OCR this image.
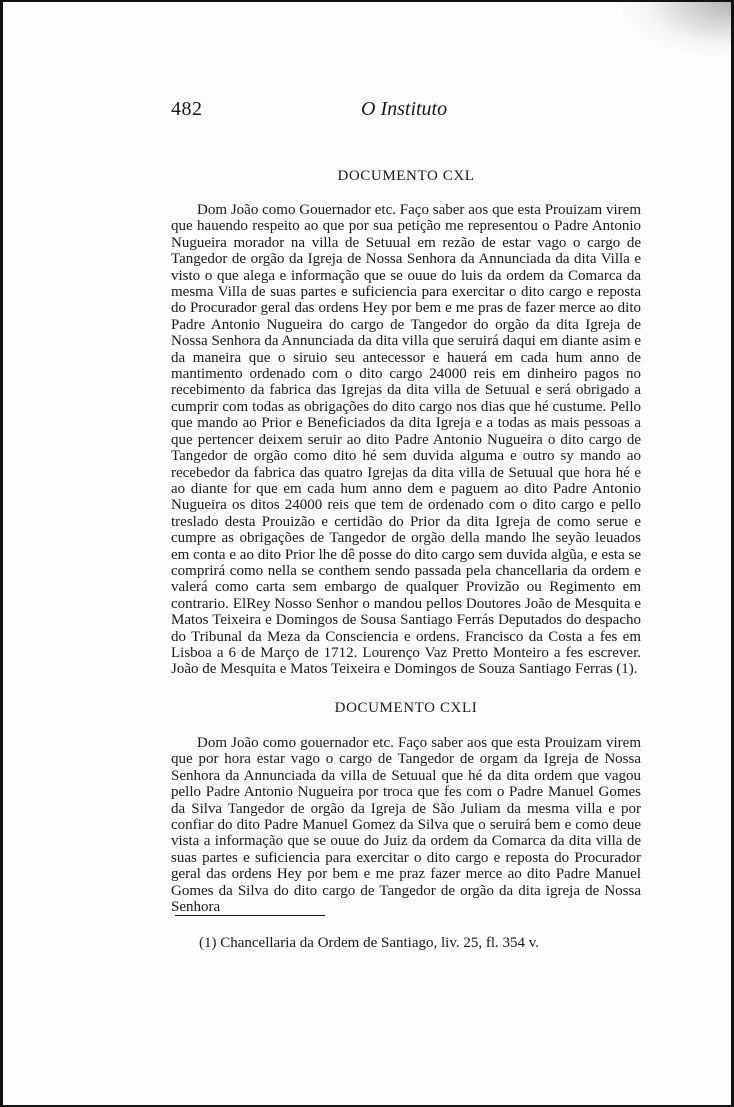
482	O Instituto
DOCUMENTO CXL

Dom João como Gouernador etc. Faço saber aos que esta Prouizam virem que hauendo respeito ao que por sua petição me representou o Padre Antonio Nugueira morador na villa de Setuual em rezão de estar vago o cargo de Tangedor de orgão da Igreja de Nossa Senhora da Annunciada da dita Villa e visto o que alega e informação que se ouue do luis da ordem da Comarca da mesma Villa de suas partes e suficiencia para exercitar o dito cargo e reposta do Procurador geral das ordens Hey por bem e me pras de fazer merce ao dito Padre Antonio Nugueira do cargo de Tangedor do orgão da dita Igreja de Nossa Senhora da Annunciada da dita villa que seruirá daqui em diante asim e da maneira que o siruio seu antecessor e hauerá em cada hum anno de mantimento ordenado com o dito cargo 24000 reis em dinheiro pagos no recebimento da fabrica das Igrejas da dita villa de Setuual e será obrigado a cumprir com todas as obrigações do dito cargo nos dias que hé custume. Pello que mando ao Prior e Beneficiados da dita Igreja e a todas as mais pessoas a que pertencer deixem seruir ao dito Padre Antonio Nugueira o dito cargo de Tangedor de orgão como dito hé sem duvida alguma e outro sy mando ao recebedor da fabrica das quatro Igrejas da dita villa de Setuual que hora hé e ao diante for que em cada hum anno dem e paguem ao dito Padre Antonio Nugueira os ditos 24000 reis que tem de ordenado com o dito cargo e pello treslado desta Prouizão e certidão do Prior da dita Igreja de como serue e cumpre as obrigações de Tangedor de orgão della mando lhe seyão leuados em conta e ao dito Prior lhe dê posse do dito cargo sem duvida algũa, e esta se comprirá como nella se conthem sendo passada pela chancellaria da ordem e valerá como carta sem embargo de qualquer Provizão ou Regimento em contrario. ElRey Nosso Senhor o mandou pellos Doutores João de Mesquita e Matos Teixeira e Domingos de Sousa Santiago Ferrás Deputados do despacho do Tribunal da Meza da Consciencia e ordens. Francisco da Costa a fes em Lisboa a 6 de Março de 1712. Lourenço Vaz Pretto Monteiro a fes escrever. João de Mesquita e Matos Teixeira e Domingos de Souza Santiago Ferras (1).

DOCUMENTO CXLI

Dom João como gouernador etc. Faço saber aos que esta Prouizam virem que por hora estar vago o cargo de Tangedor de orgam da Igreja de Nossa Senhora da Annunciada da villa de Setuual que hé da dita ordem que vagou pello Padre Antonio Nugueira por troca que fes com o Padre Manuel Gomes da Silva Tangedor de orgão da Igreja de São Juliam da mesma villa e por confiar do dito Padre Manuel Gomez da Silva que o seruirá bem e como deue vista a informação que se ouue do Juiz da ordem da Comarca da dita villa de suas partes e suficiencia para exercitar o dito cargo e reposta do Procurador geral das ordens Hey por bem e me praz fazer merce ao dito Padre Manuel Gomes da Silva do dito cargo de Tangedor de orgão da dita igreja de Nossa Senhora

(1) Chancellaria da Ordem de Santiago, liv. 25, fl. 354 v.
